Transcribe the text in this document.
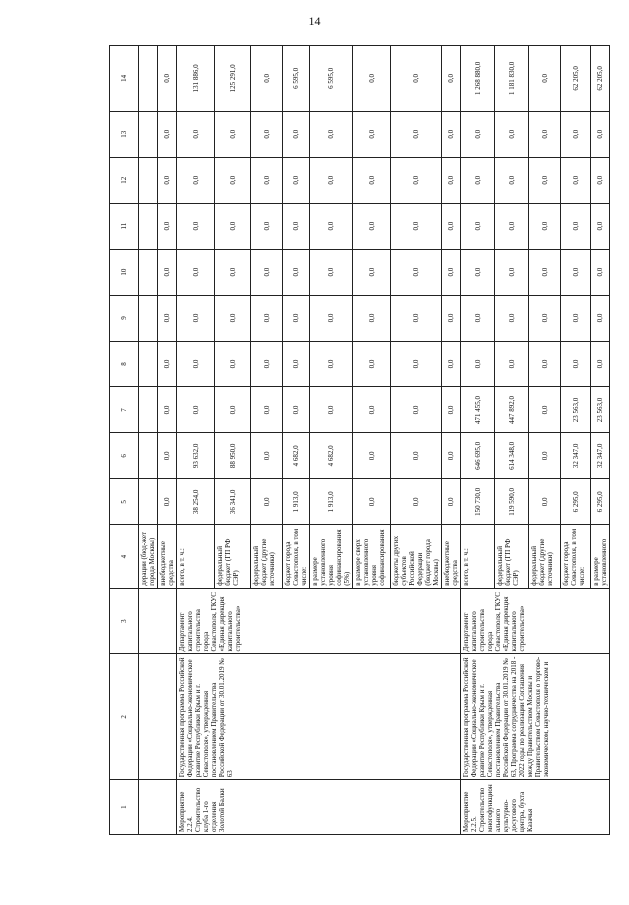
14
1	2	3	4	5	6	7	8	9	10	11	12	13	14
			дерации (бюд-жет города Москвы)										
			внебюджетные средства	0,0	0,0	0,0	0,0	0,0	0,0	0,0	0,0	0,0	0,0
Мероприятие 2.2.4. Строительство клуба 1-го отделения Золотой Балки	Государственная программа Российской Федерации «Социально-экономическое развитие Республики Крым и г. Севастополя», утвержденная постановлением Правительства Российской Федерации от 30.01.2019 № 63	Департамент капитального строительства города Севастополя, ГКУС «Единая дирекция капитального строительства»	всего, в т. ч.:	38 254,0	93 632,0	0,0	0,0	0,0	0,0	0,0	0,0	0,0	131 886,0
			федеральный бюджет (ГП РФ СЭР)	36 341,0	88 950,0	0,0	0,0	0,0	0,0	0,0	0,0	0,0	125 291,0
			федеральный бюджет (другие источники)	0,0	0,0	0,0	0,0	0,0	0,0	0,0	0,0	0,0	0,0
			бюджет города Севастополя, в том числе:	1 913,0	4 682,0	0,0	0,0	0,0	0,0	0,0	0,0	0,0	6 595,0
			в размере установленного уровня софинансирования (5%)	1 913,0	4 682,0	0,0	0,0	0,0	0,0	0,0	0,0	0,0	6 595,0
			в размере сверх установленного уровня софинансирования	0,0	0,0	0,0	0,0	0,0	0,0	0,0	0,0	0,0	0,0
			бюджеты других субъектов Российской Федерации (бюджет города Москвы)	0,0	0,0	0,0	0,0	0,0	0,0	0,0	0,0	0,0	0,0
			внебюджетные средства	0,0	0,0	0,0	0,0	0,0	0,0	0,0	0,0	0,0	0,0
Мероприятие 2.2.5. Строительство многофункционального культурно-досугового центра, бухта Казачья	Государственная программа Российской Федерации «Социально-экономическое развитие Республики Крым и г. Севастополя», утвержденная постановлением Правительства Российской Федерации от 30.01.2019 № 63, Программа сотрудничества на 2018 - 2022 годы по реализации Соглашения между Правительством Москвы и Правительством Севастополя о торгово-экономическом, научно-техническом и	Департамент капитального строительства города Севастополя, ГКУС «Единая дирекция капитального строительства»	всего, в т. ч.:	150 730,0	646 695,0	471 455,0	0,0	0,0	0,0	0,0	0,0	0,0	1 268 880,0
			федеральный бюджет (ГП РФ СЭР)	119 590,0	614 348,0	447 892,0	0,0	0,0	0,0	0,0	0,0	0,0	1 181 830,0
			федеральный бюджет (другие источники)	0,0	0,0	0,0	0,0	0,0	0,0	0,0	0,0	0,0	0,0
			бюджет города Севастополя, в том числе:	6 295,0	32 347,0	23 563,0	0,0	0,0	0,0	0,0	0,0	0,0	62 205,0
			в размере установленного	6 295,0	32 347,0	23 563,0	0,0	0,0	0,0	0,0	0,0	0,0	62 205,0
